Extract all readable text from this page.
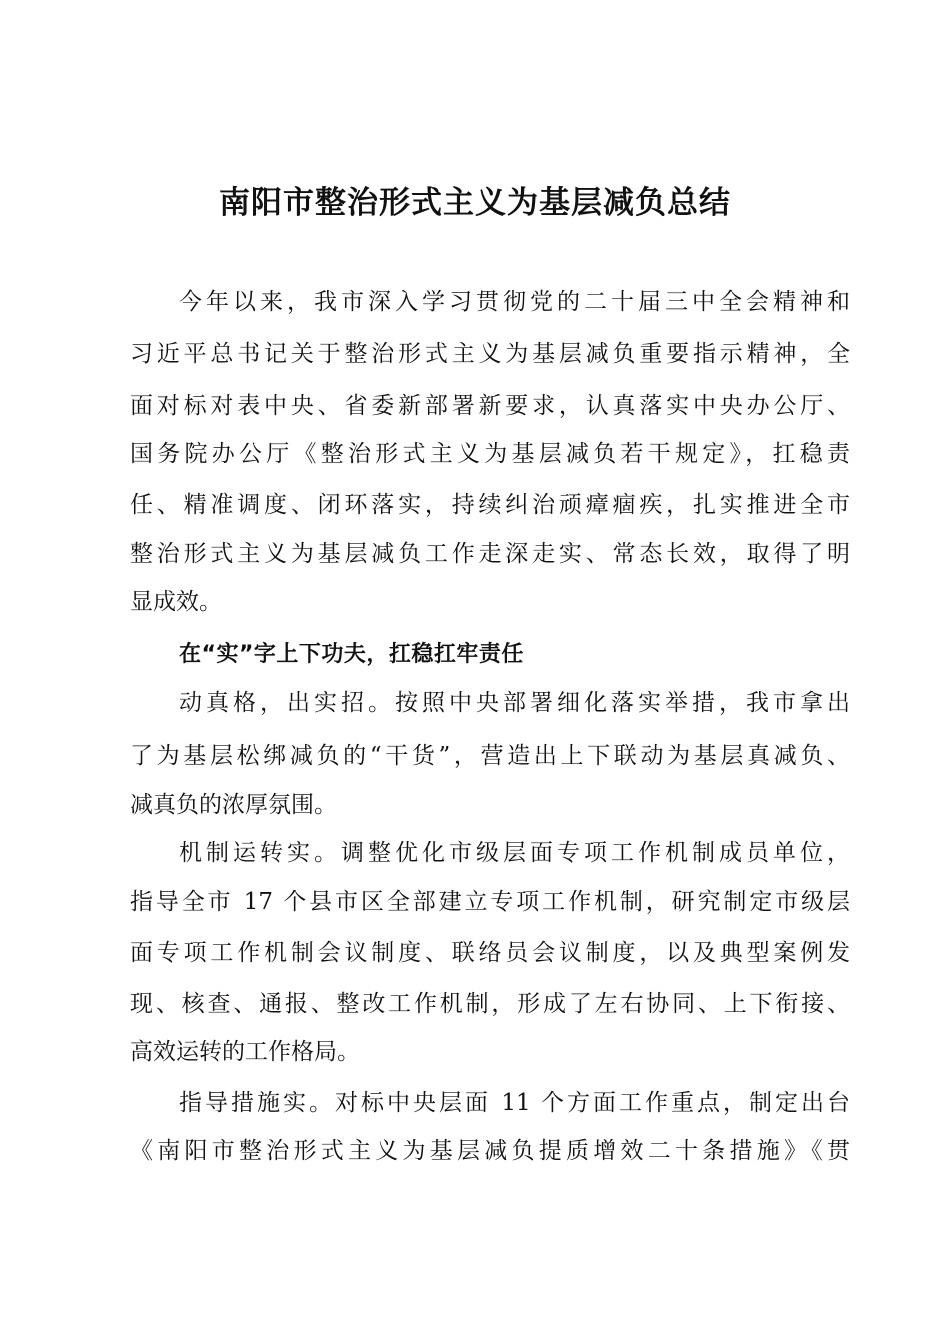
南阳市整治形式主义为基层减负总结
今年以来，我市深入学习贯彻党的二十届三中全会精神和
习近平总书记关于整治形式主义为基层减负重要指示精神，全
面对标对表中央、省委新部署新要求，认真落实中央办公厅、
国务院办公厅《整治形式主义为基层减负若干规定》，扛稳责
任、精准调度、闭环落实，持续纠治顽瘴痼疾，扎实推进全市
整治形式主义为基层减负工作走深走实、常态长效，取得了明
显成效。
在“实”字上下功夫，扛稳扛牢责任
动真格，出实招。按照中央部署细化落实举措，我市拿出
了为基层松绑减负的“干货”，营造出上下联动为基层真减负、
减真负的浓厚氛围。
机制运转实。调整优化市级层面专项工作机制成员单位，
指导全市 17 个县市区全部建立专项工作机制，研究制定市级层
面专项工作机制会议制度、联络员会议制度，以及典型案例发
现、核查、通报、整改工作机制，形成了左右协同、上下衔接、
高效运转的工作格局。
指导措施实。对标中央层面 11 个方面工作重点，制定出台
《南阳市整治形式主义为基层减负提质增效二十条措施》《贯
